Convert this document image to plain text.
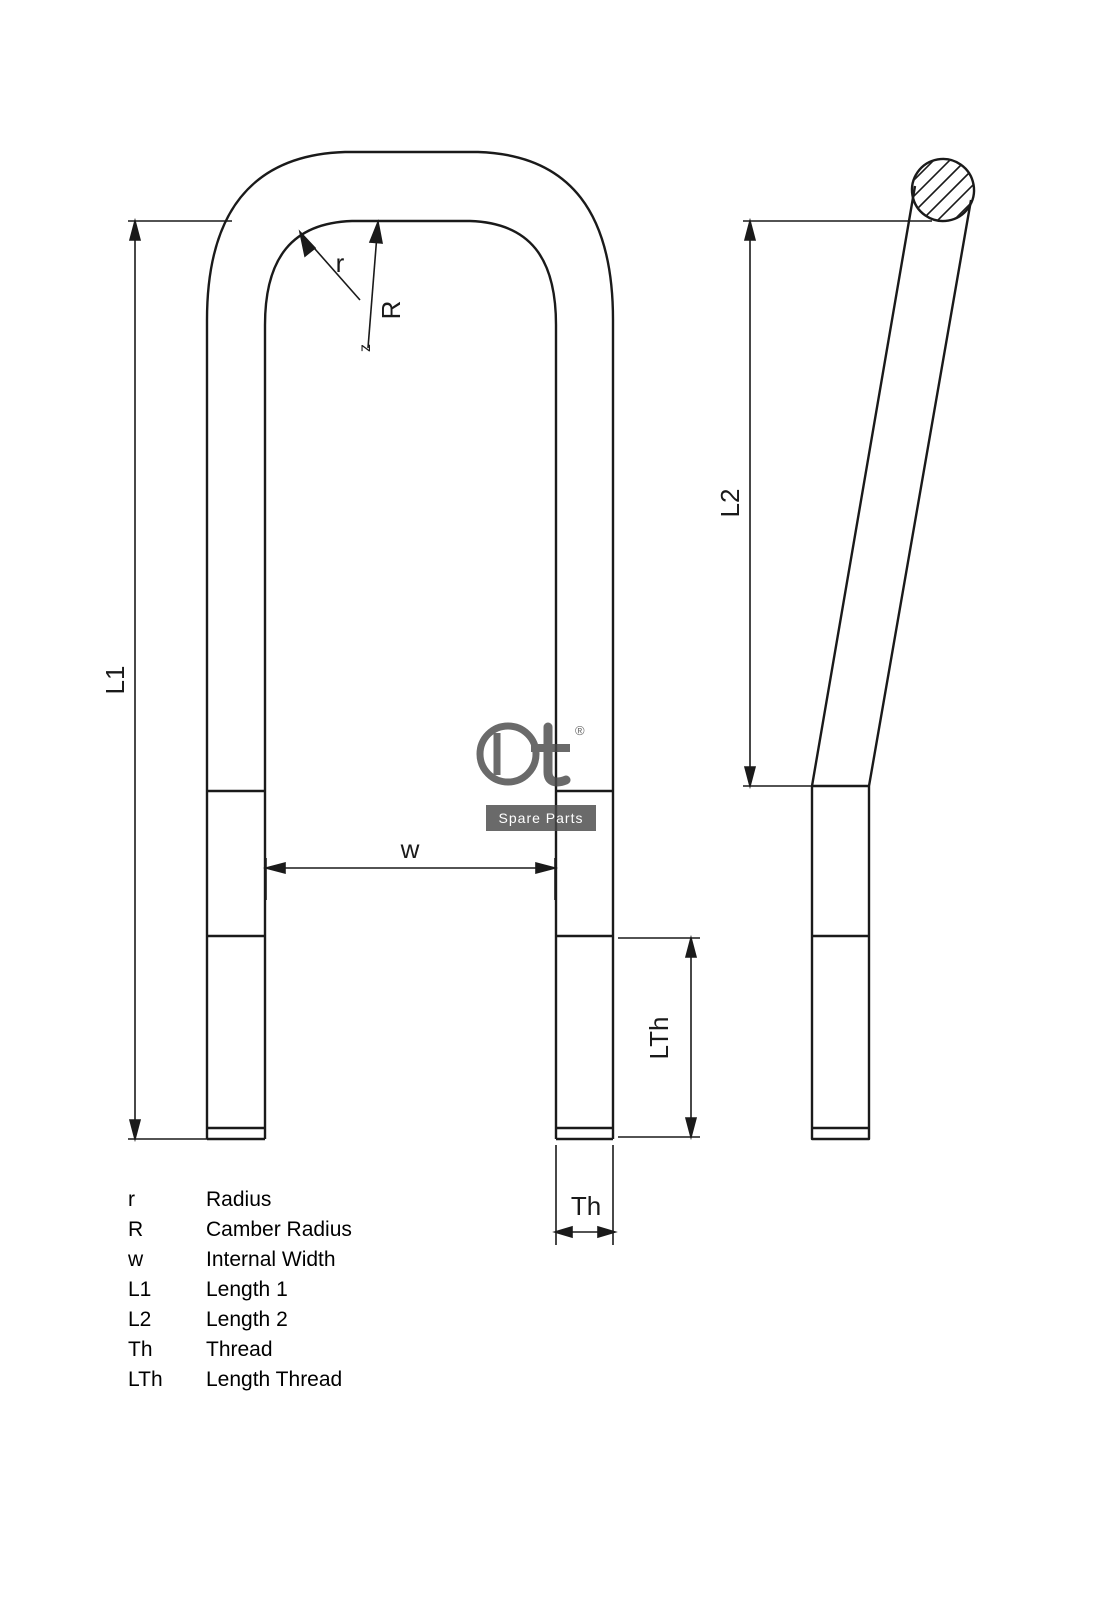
L1
w
r
R
z
L2
LTh
Th
®
Spare Parts
r	Radius
R	Camber Radius
w	Internal Width
L1	Length 1
L2	Length 2
Th	Thread
LTh	Length Thread
